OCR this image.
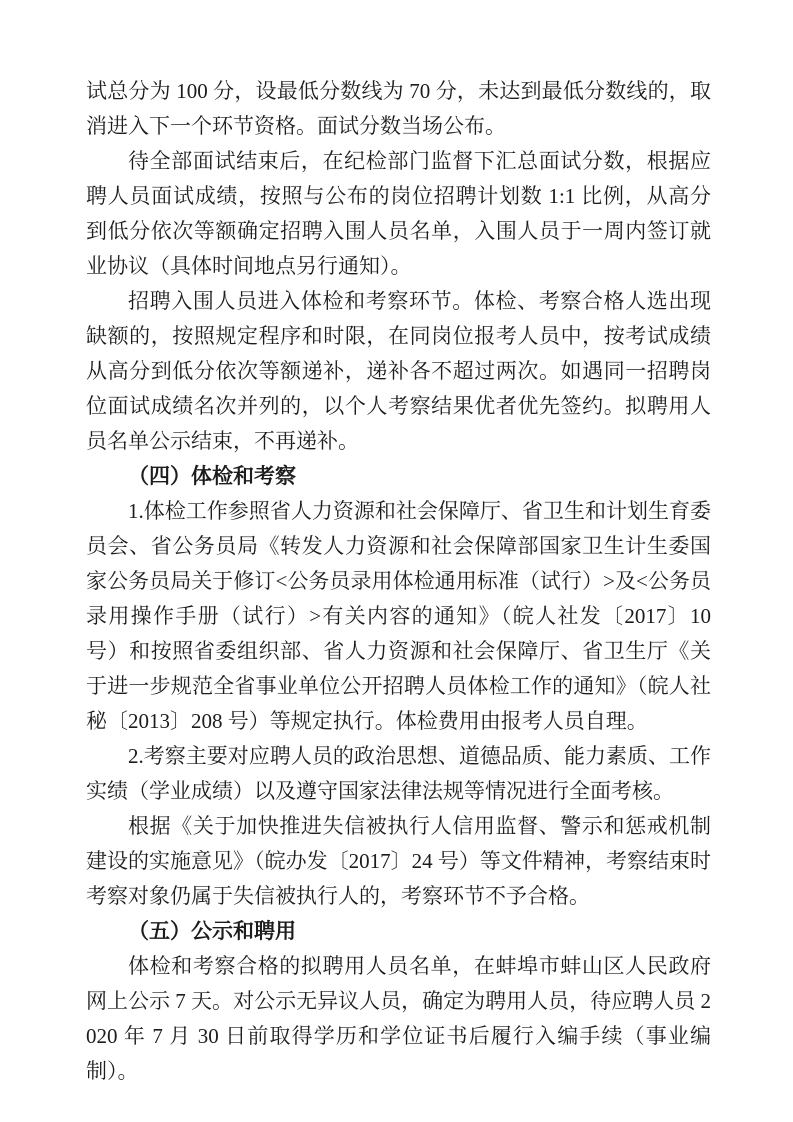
试总分为 100 分，设最低分数线为 70 分，未达到最低分数线的，取消进入下一个环节资格。面试分数当场公布。

待全部面试结束后，在纪检部门监督下汇总面试分数，根据应聘人员面试成绩，按照与公布的岗位招聘计划数 1:1 比例，从高分到低分依次等额确定招聘入围人员名单，入围人员于一周内签订就业协议（具体时间地点另行通知）。

招聘入围人员进入体检和考察环节。体检、考察合格人选出现缺额的，按照规定程序和时限，在同岗位报考人员中，按考试成绩从高分到低分依次等额递补，递补各不超过两次。如遇同一招聘岗位面试成绩名次并列的，以个人考察结果优者优先签约。拟聘用人员名单公示结束，不再递补。

（四）体检和考察

1.体检工作参照省人力资源和社会保障厅、省卫生和计划生育委员会、省公务员局《转发人力资源和社会保障部国家卫生计生委国家公务员局关于修订<公务员录用体检通用标准（试行）>及<公务员录用操作手册（试行）>有关内容的通知》（皖人社发〔2017〕10 号）和按照省委组织部、省人力资源和社会保障厅、省卫生厅《关于进一步规范全省事业单位公开招聘人员体检工作的通知》（皖人社秘〔2013〕208 号）等规定执行。体检费用由报考人员自理。

2.考察主要对应聘人员的政治思想、道德品质、能力素质、工作实绩（学业成绩）以及遵守国家法律法规等情况进行全面考核。

根据《关于加快推进失信被执行人信用监督、警示和惩戒机制建设的实施意见》（皖办发〔2017〕24 号）等文件精神，考察结束时考察对象仍属于失信被执行人的，考察环节不予合格。

（五）公示和聘用

体检和考察合格的拟聘用人员名单，在蚌埠市蚌山区人民政府网上公示 7 天。对公示无异议人员，确定为聘用人员，待应聘人员 2020 年 7 月 30 日前取得学历和学位证书后履行入编手续（事业编制）。
